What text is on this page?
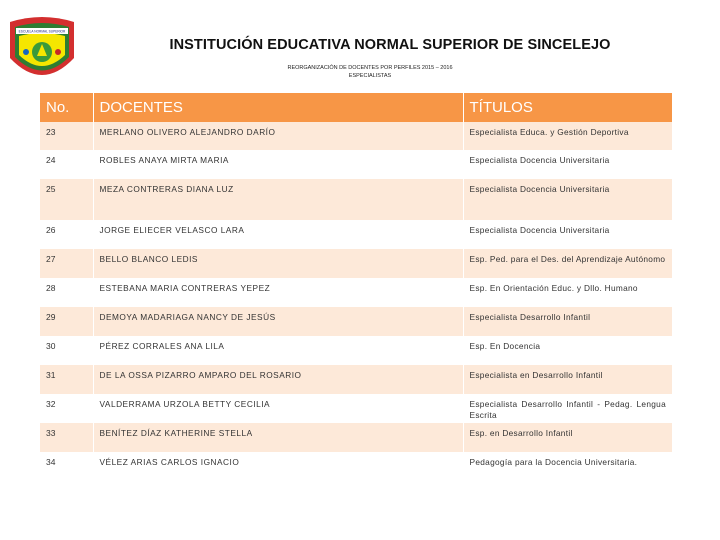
ESCUELA NORMAL SUPERIOR
INSTITUCIÓN EDUCATIVA NORMAL SUPERIOR DE SINCELEJO
REORGANIZACIÓN DE DOCENTES POR PERFILES 2015 – 2016
ESPECIALISTAS
No.	DOCENTES	TÍTULOS
23	MERLANO OLIVERO ALEJANDRO DARÍO	Especialista Educa. y Gestión Deportiva
24	ROBLES ANAYA MIRTA MARIA	Especialista Docencia Universitaria
25	MEZA CONTRERAS DIANA LUZ	Especialista Docencia Universitaria
26	JORGE ELIECER VELASCO LARA	Especialista Docencia Universitaria
27	BELLO BLANCO LEDIS	Esp. Ped. para el Des. del Aprendizaje Autónomo
28	ESTEBANA MARIA CONTRERAS YEPEZ	Esp. En Orientación Educ. y Dllo. Humano
29	DEMOYA MADARIAGA NANCY DE JESÚS	Especialista Desarrollo Infantil
30	PÉREZ CORRALES ANA LILA	Esp. En Docencia
31	DE LA OSSA PIZARRO AMPARO DEL ROSARIO	Especialista en Desarrollo Infantil
32	VALDERRAMA URZOLA BETTY CECILIA	Especialista Desarrollo Infantil - Pedag. Lengua Escrita
33	BENÍTEZ DÍAZ KATHERINE STELLA	Esp. en Desarrollo Infantil
34	VÉLEZ ARIAS CARLOS IGNACIO	Pedagogía para la Docencia Universitaria.
